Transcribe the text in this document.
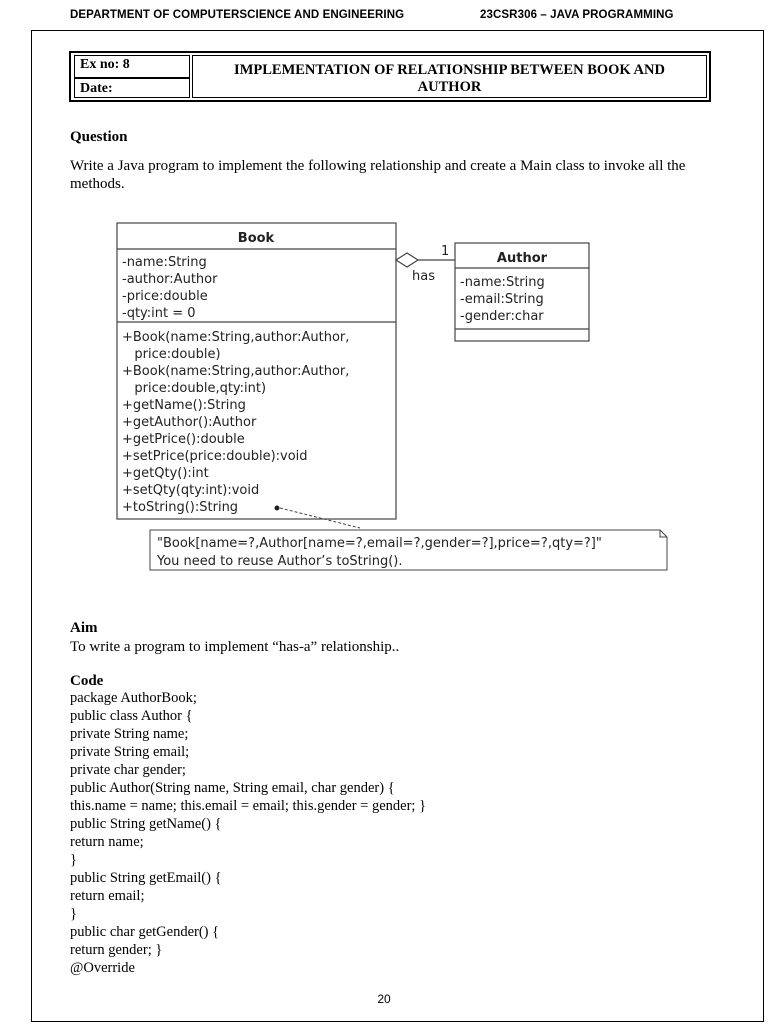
DEPARTMENT OF COMPUTERSCIENCE AND ENGINEERING	23CSR306 – JAVA PROGRAMMING
Ex no: 8
Date:
IMPLEMENTATION OF RELATIONSHIP BETWEEN BOOK AND
AUTHOR
Question
Write a Java program to implement the following relationship and create a Main class to invoke all the methods.
Book
-name:String
-author:Author
-price:double
-qty:int = 0
+Book(name:String,author:Author,
price:double)
+Book(name:String,author:Author,
price:double,qty:int)
+getName():String
+getAuthor():Author
+getPrice():double
+setPrice(price:double):void
+getQty():int
+setQty(qty:int):void
+toString():String
has
1	Author
-name:String
-email:String
-gender:char
"Book[name=?,Author[name=?,email=?,gender=?],price=?,qty=?]"
You need to reuse Author’s toString().
Aim
To write a program to implement “has-a” relationship..
Code
package AuthorBook;
public class Author {
private String name;
private String email;
private char gender;
public Author(String name, String email, char gender) {
this.name = name; this.email = email; this.gender = gender; }
public String getName() {
return name;
}
public String getEmail() {
return email;
}
public char getGender() {
return gender; }
@Override
20
